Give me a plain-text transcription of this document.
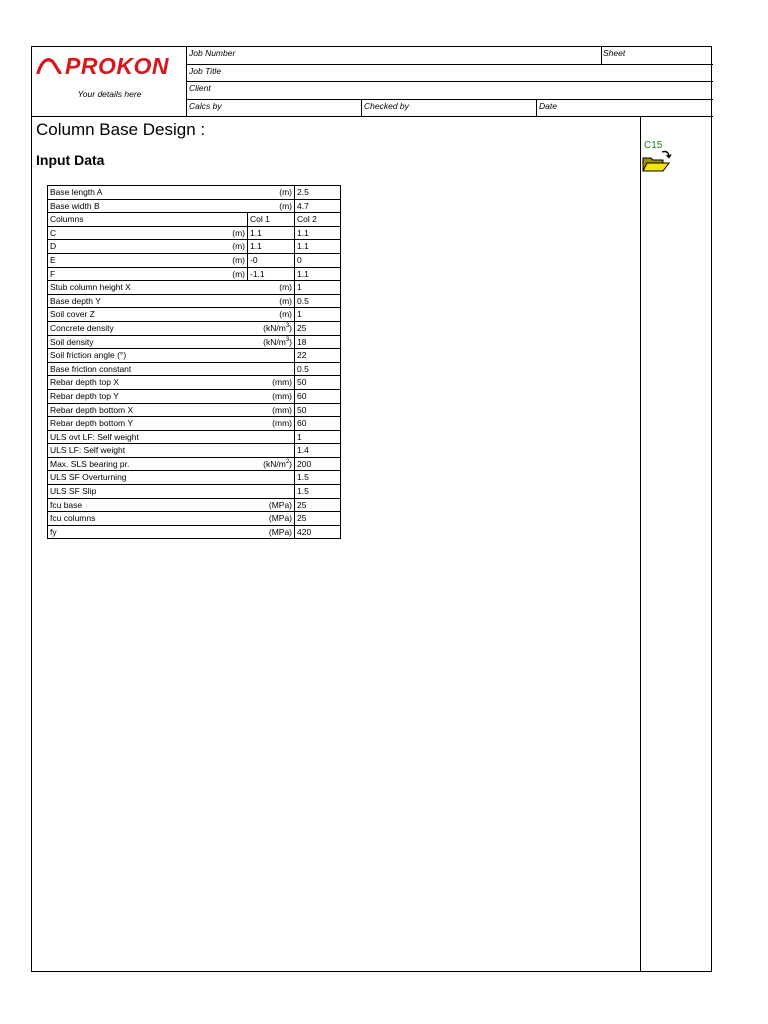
PROKON
Your details here
Job Number	Sheet
Job Title
Client
Calcs by	Checked by	Date
Column Base Design :
Input Data
C15
Base length A	(m)	2.5
Base width B	(m)	4.7
Columns	Col 1	Col 2
C (m)	1.1	1.1
D (m)	1.1	1.1
E (m)	-0	0
F (m)	-1.1	1.1
Stub column height X	(m)	1
Base depth Y	(m)	0.5
Soil cover Z	(m)	1
Concrete density	$(kN/m^3)$	25
Soil density	$(kN/m^3)$	18
Soil friction angle (°)		22
Base friction constant		0.5
Rebar depth top X	(mm)	50
Rebar depth top Y	(mm)	60
Rebar depth bottom X	(mm)	50
Rebar depth bottom Y	(mm)	60
ULS ovt LF: Self weight		1
ULS LF: Self weight		1.4
Max. SLS bearing pr.	$(kN/m^2)$	200
ULS SF Overturning		1.5
ULS SF Slip		1.5
fcu base	(MPa)	25
fcu columns	(MPa)	25
fy	(MPa)	420
